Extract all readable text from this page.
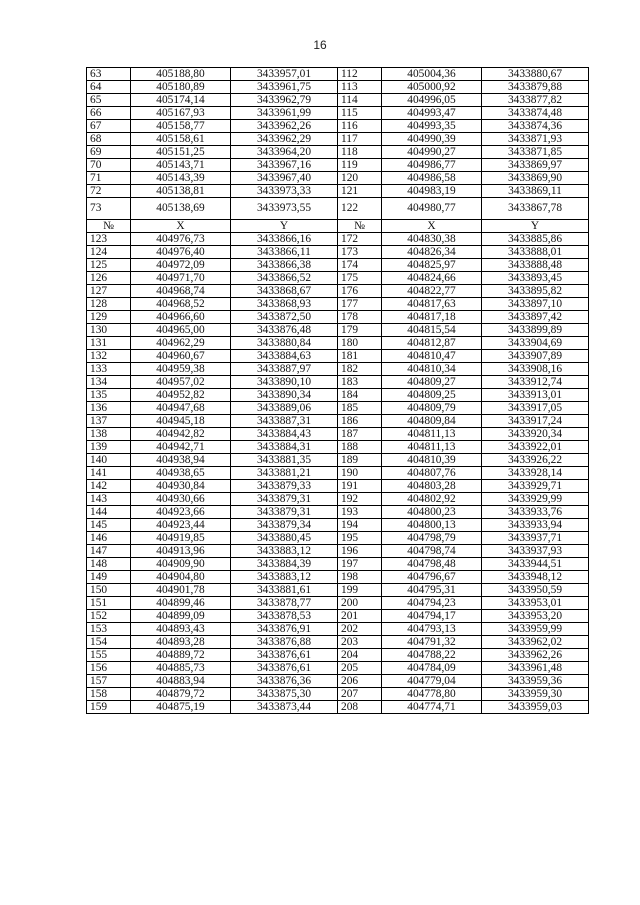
16
63	405188,80	3433957,01	112	405004,36	3433880,67
64	405180,89	3433961,75	113	405000,92	3433879,88
65	405174,14	3433962,79	114	404996,05	3433877,82
66	405167,93	3433961,99	115	404993,47	3433874,48
67	405158,77	3433962,26	116	404993,35	3433874,36
68	405158,61	3433962,29	117	404990,39	3433871,93
69	405151,25	3433964,20	118	404990,27	3433871,85
70	405143,71	3433967,16	119	404986,77	3433869,97
71	405143,39	3433967,40	120	404986,58	3433869,90
72	405138,81	3433973,33	121	404983,19	3433869,11
73	405138,69	3433973,55	122	404980,77	3433867,78
№	X	Y	№	X	Y
123	404976,73	3433866,16	172	404830,38	3433885,86
124	404976,40	3433866,11	173	404826,34	3433888,01
125	404972,09	3433866,38	174	404825,97	3433888,48
126	404971,70	3433866,52	175	404824,66	3433893,45
127	404968,74	3433868,67	176	404822,77	3433895,82
128	404968,52	3433868,93	177	404817,63	3433897,10
129	404966,60	3433872,50	178	404817,18	3433897,42
130	404965,00	3433876,48	179	404815,54	3433899,89
131	404962,29	3433880,84	180	404812,87	3433904,69
132	404960,67	3433884,63	181	404810,47	3433907,89
133	404959,38	3433887,97	182	404810,34	3433908,16
134	404957,02	3433890,10	183	404809,27	3433912,74
135	404952,82	3433890,34	184	404809,25	3433913,01
136	404947,68	3433889,06	185	404809,79	3433917,05
137	404945,18	3433887,31	186	404809,84	3433917,24
138	404942,82	3433884,43	187	404811,13	3433920,34
139	404942,71	3433884,31	188	404811,13	3433922,01
140	404938,94	3433881,35	189	404810,39	3433926,22
141	404938,65	3433881,21	190	404807,76	3433928,14
142	404930,84	3433879,33	191	404803,28	3433929,71
143	404930,66	3433879,31	192	404802,92	3433929,99
144	404923,66	3433879,31	193	404800,23	3433933,76
145	404923,44	3433879,34	194	404800,13	3433933,94
146	404919,85	3433880,45	195	404798,79	3433937,71
147	404913,96	3433883,12	196	404798,74	3433937,93
148	404909,90	3433884,39	197	404798,48	3433944,51
149	404904,80	3433883,12	198	404796,67	3433948,12
150	404901,78	3433881,61	199	404795,31	3433950,59
151	404899,46	3433878,77	200	404794,23	3433953,01
152	404899,09	3433878,53	201	404794,17	3433953,20
153	404893,43	3433876,91	202	404793,13	3433959,99
154	404893,28	3433876,88	203	404791,32	3433962,02
155	404889,72	3433876,61	204	404788,22	3433962,26
156	404885,73	3433876,61	205	404784,09	3433961,48
157	404883,94	3433876,36	206	404779,04	3433959,36
158	404879,72	3433875,30	207	404778,80	3433959,30
159	404875,19	3433873,44	208	404774,71	3433959,03
